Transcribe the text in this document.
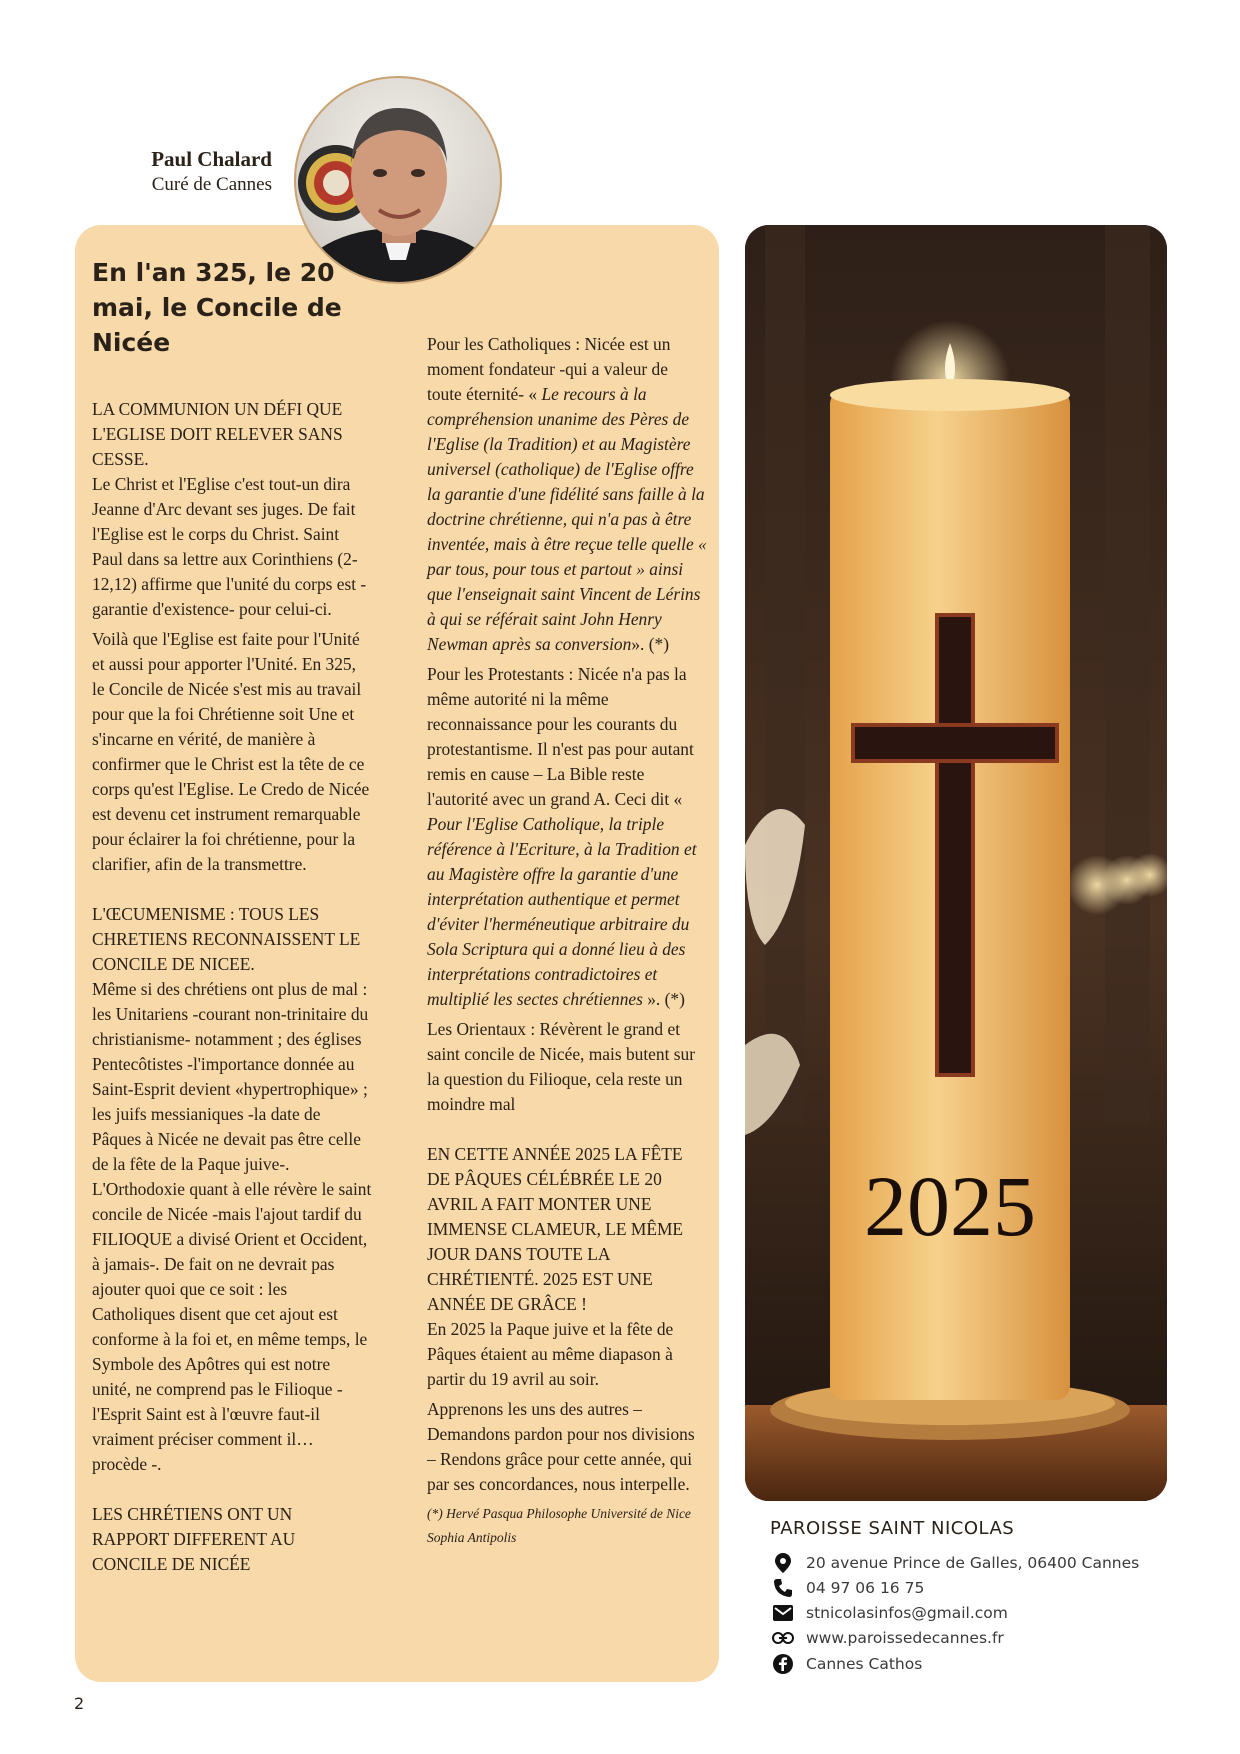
Paul Chalard
Curé de Cannes
En l'an 325, le 20 mai, le Concile de Nicée
LA COMMUNION UN DÉFI QUE L'EGLISE DOIT RELEVER SANS CESSE.

Le Christ et l'Eglise c'est tout-un dira Jeanne d'Arc devant ses juges. De fait l'Eglise est le corps du Christ. Saint Paul dans sa lettre aux Corinthiens (2-12,12) affirme que l'unité du corps est -garantie d'existence- pour celui-ci.

Voilà que l'Eglise est faite pour l'Unité et aussi pour apporter l'Unité. En 325, le Concile de Nicée s'est mis au travail pour que la foi Chrétienne soit Une et s'incarne en vérité, de manière à confirmer que le Christ est la tête de ce corps qu'est l'Eglise. Le Credo de Nicée est devenu cet instrument remarquable pour éclairer la foi chrétienne, pour la clarifier, afin de la transmettre.

L'ŒCUMENISME : TOUS LES CHRETIENS RECONNAISSENT LE CONCILE DE NICEE.

Même si des chrétiens ont plus de mal : les Unitariens -courant non-trinitaire du christianisme- notamment ; des églises Pentecôtistes -l'importance donnée au Saint-Esprit devient «hypertrophique» ; les juifs messianiques -la date de Pâques à Nicée ne devait pas être celle de la fête de la Paque juive-. L'Orthodoxie quant à elle révère le saint concile de Nicée -mais l'ajout tardif du FILIOQUE a divisé Orient et Occident, à jamais-. De fait on ne devrait pas ajouter quoi que ce soit : les Catholiques disent que cet ajout est conforme à la foi et, en même temps, le Symbole des Apôtres qui est notre unité, ne comprend pas le Filioque - l'Esprit Saint est à l'œuvre faut-il vraiment préciser comment il… procède -.

LES CHRÉTIENS ONT UN RAPPORT DIFFERENT AU CONCILE DE NICÉE

Pour les Catholiques : Nicée est un moment fondateur -qui a valeur de toute éternité- « Le recours à la compréhension unanime des Pères de l'Eglise (la Tradition) et au Magistère universel (catholique) de l'Eglise offre la garantie d'une fidélité sans faille à la doctrine chrétienne, qui n'a pas à être inventée, mais à être reçue telle quelle « par tous, pour tous et partout » ainsi que l'enseignait saint Vincent de Lérins à qui se référait saint John Henry Newman après sa conversion». (*)

Pour les Protestants : Nicée n'a pas la même autorité ni la même reconnaissance pour les courants du protestantisme. Il n'est pas pour autant remis en cause – La Bible reste l'autorité avec un grand A. Ceci dit « Pour l'Eglise Catholique, la triple référence à l'Ecriture, à la Tradition et au Magistère offre la garantie d'une interprétation authentique et permet d'éviter l'herméneutique arbitraire du Sola Scriptura qui a donné lieu à des interprétations contradictoires et multiplié les sectes chrétiennes ». (*)

Les Orientaux : Révèrent le grand et saint concile de Nicée, mais butent sur la question du Filioque, cela reste un moindre mal

EN CETTE ANNÉE 2025 LA FÊTE DE PÂQUES CÉLÉBRÉE LE 20 AVRIL A FAIT MONTER UNE IMMENSE CLAMEUR, LE MÊME JOUR DANS TOUTE LA CHRÉTIENTÉ. 2025 EST UNE ANNÉE DE GRÂCE !

En 2025 la Paque juive et la fête de Pâques étaient au même diapason à partir du 19 avril au soir.

Apprenons les uns des autres – Demandons pardon pour nos divisions – Rendons grâce pour cette année, qui par ses concordances, nous interpelle.

(*) Hervé Pasqua Philosophe Université de Nice Sophia Antipolis
2025
PAROISSE SAINT NICOLAS
20 avenue Prince de Galles, 06400 Cannes
04 97 06 16 75
stnicolasinfos@gmail.com
www.paroissedecannes.fr
Cannes Cathos
2
